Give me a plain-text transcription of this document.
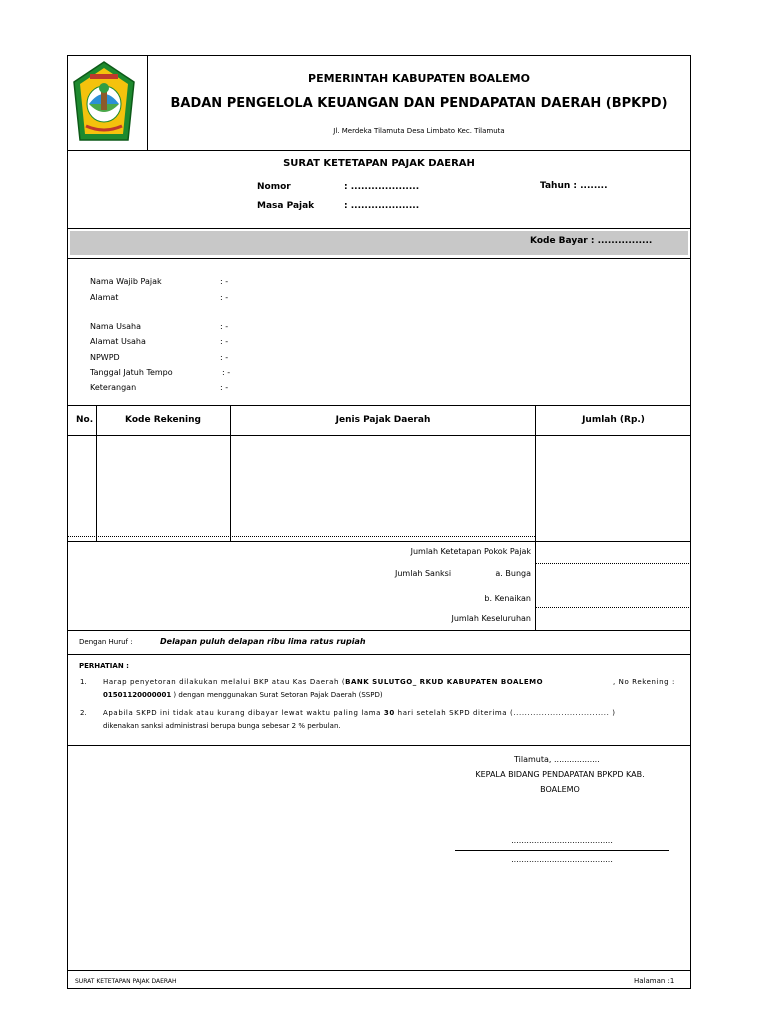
PEMERINTAH KABUPATEN BOALEMO
BADAN PENGELOLA KEUANGAN DAN PENDAPATAN DAERAH (BPKPD)
Jl. Merdeka Tilamuta Desa Limbato Kec. Tilamuta
SURAT KETETAPAN PAJAK DAERAH
Nomor	: ....................
Masa Pajak	: ....................
Tahun : ........
Kode Bayar : ................
Nama Wajib Pajak	: -
Alamat	: -
Nama Usaha	: -
Alamat Usaha	: -
NPWPD	: -
Tanggal Jatuh Tempo	: -
Keterangan	: -
No.	Kode Rekening	Jenis Pajak Daerah	Jumlah (Rp.)
Jumlah Ketetapan Pokok Pajak
Jumlah Sanksi	a. Bunga
b. Kenaikan
Jumlah Keseluruhan
Dengan Huruf :	Delapan puluh delapan ribu lima ratus rupiah
PERHATIAN :
1. Harap penyetoran dilakukan melalui BKP atau Kas Daerah ( BANK SULUTGO_ RKUD KABUPATEN BOALEMO	, No Rekening :
01501120000001 ) dengan menggunakan Surat Setoran Pajak Daerah (SSPD)
2. Apabila SKPD ini tidak atau kurang dibayar lewat waktu paling lama 30 hari setelah SKPD diterima (.................................. )
dikenakan sanksi administrasi berupa bunga sebesar 2 % perbulan.
Tilamuta, ..................
KEPALA BIDANG PENDAPATAN BPKPD KAB.
BOALEMO
........................................
........................................
SURAT KETETAPAN PAJAK DAERAH	Halaman :1
